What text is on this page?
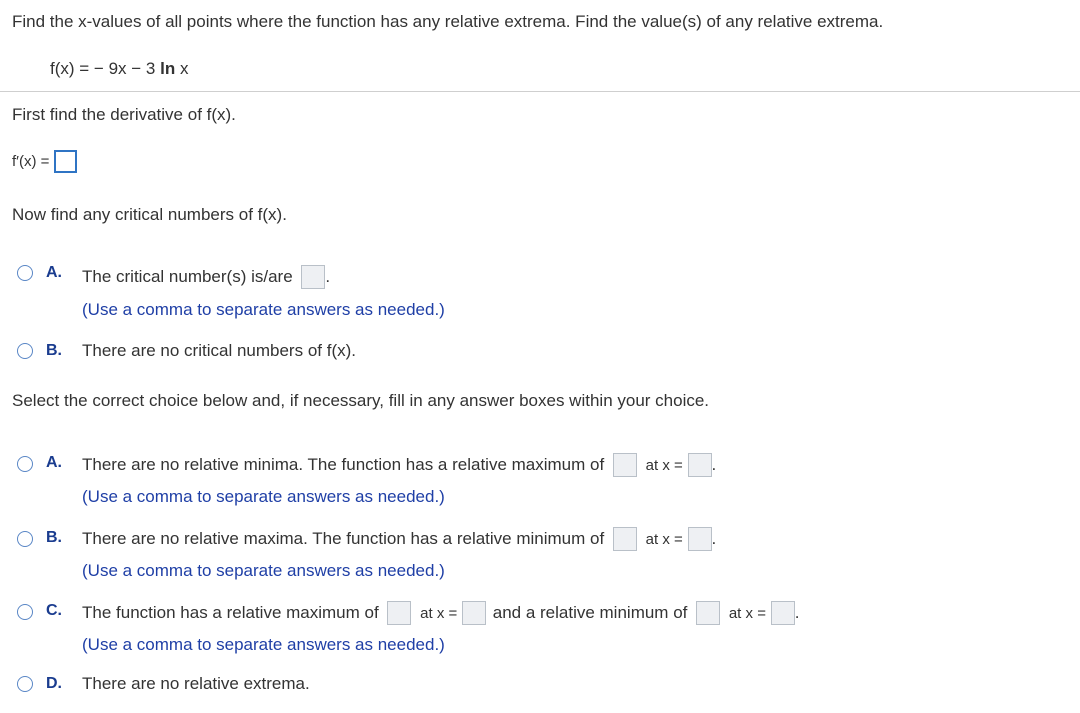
Find the x-values of all points where the function has any relative extrema. Find the value(s) of any relative extrema.
f(x) = − 9x − 3 ln x
First find the derivative of f(x).
f′(x) =
Now find any critical numbers of f(x).
A. The critical number(s) is/are .
(Use a comma to separate answers as needed.)
B. There are no critical numbers of f(x).
Select the correct choice below and, if necessary, fill in any answer boxes within your choice.
A. There are no relative minima. The function has a relative maximum of	at x = .
(Use a comma to separate answers as needed.)
B. There are no relative maxima. The function has a relative minimum of	at x = .
(Use a comma to separate answers as needed.)
C. The function has a relative maximum of	at x = and a relative minimum of	at x = .
(Use a comma to separate answers as needed.)
D. There are no relative extrema.
